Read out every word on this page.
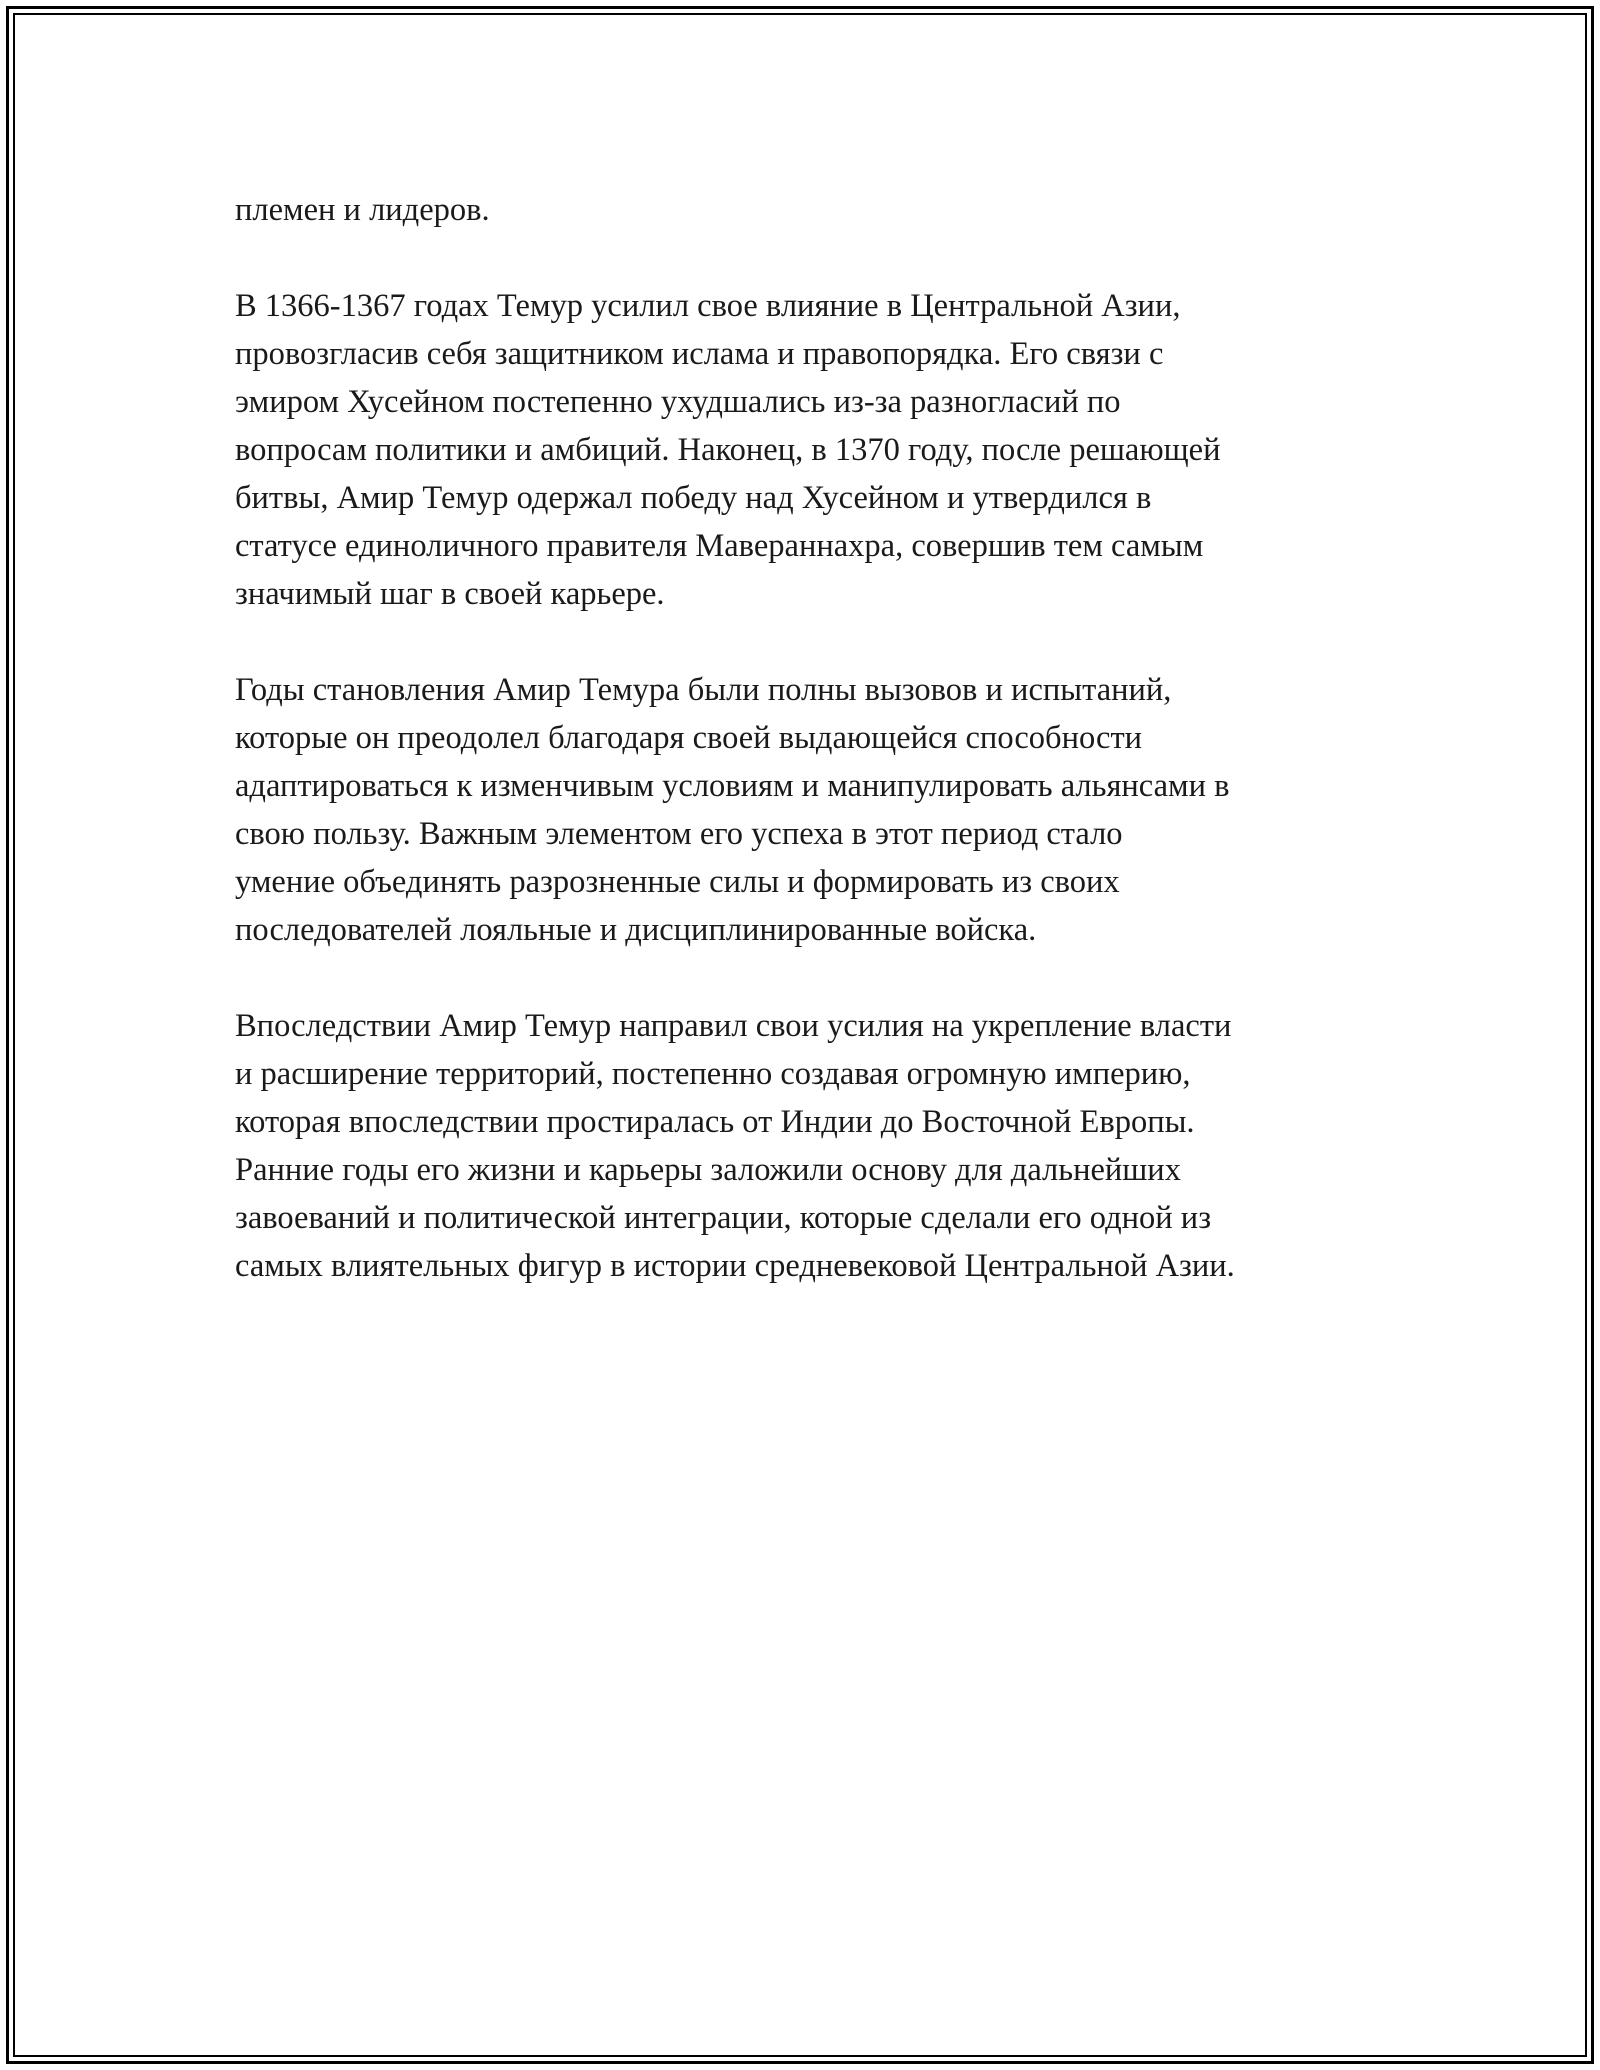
племен и лидеров.

В 1366-1367 годах Темур усилил свое влияние в Центральной Азии,
провозгласив себя защитником ислама и правопорядка. Его связи с
эмиром Хусейном постепенно ухудшались из-за разногласий по
вопросам политики и амбиций. Наконец, в 1370 году, после решающей
битвы, Амир Темур одержал победу над Хусейном и утвердился в
статусе единоличного правителя Мавераннахра, совершив тем самым
значимый шаг в своей карьере.

Годы становления Амир Темура были полны вызовов и испытаний,
которые он преодолел благодаря своей выдающейся способности
адаптироваться к изменчивым условиям и манипулировать альянсами в
свою пользу. Важным элементом его успеха в этот период стало
умение объединять разрозненные силы и формировать из своих
последователей лояльные и дисциплинированные войска.

Впоследствии Амир Темур направил свои усилия на укрепление власти
и расширение территорий, постепенно создавая огромную империю,
которая впоследствии простиралась от Индии до Восточной Европы.
Ранние годы его жизни и карьеры заложили основу для дальнейших
завоеваний и политической интеграции, которые сделали его одной из
самых влиятельных фигур в истории средневековой Центральной Азии.
